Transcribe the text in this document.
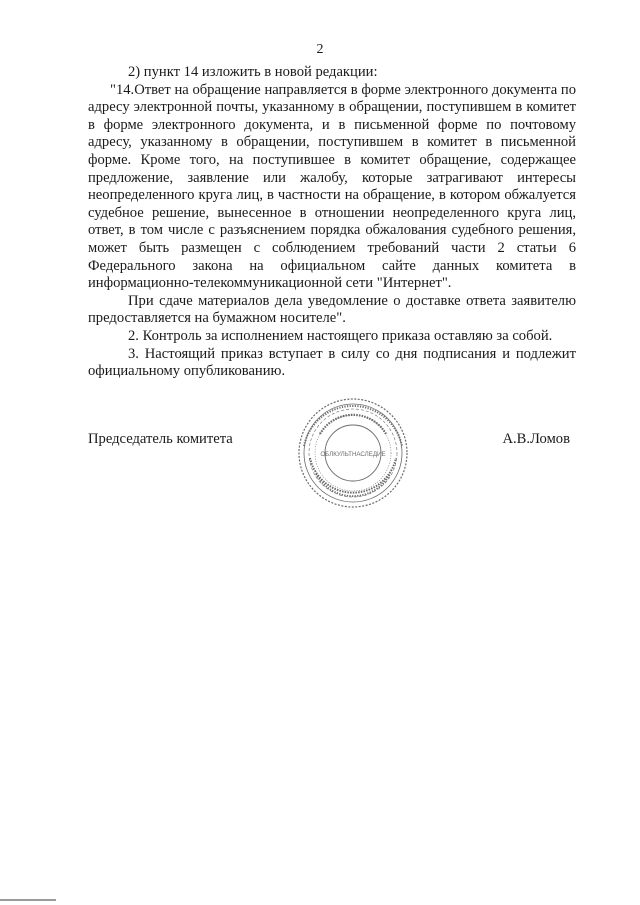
2

2) пункт 14 изложить в новой редакции:

"14.Ответ на обращение направляется в форме электронного документа по адресу электронной почты, указанному в обращении, поступившем в комитет в форме электронного документа, и в письменной форме по почтовому адресу, указанному в обращении, поступившем в комитет в письменной форме. Кроме того, на поступившее в комитет обращение, содержащее предложение, заявление или жалобу, которые затрагивают интересы неопределенного круга лиц, в частности на обращение, в котором обжалуется судебное решение, вынесенное в отношении неопределенного круга лиц, ответ, в том числе с разъяснением порядка обжалования судебного решения, может быть размещен с соблюдением требований части 2 статьи 6 Федерального закона на официальном сайте данных комитета в информационно-телекоммуникационной сети "Интернет".

При сдаче материалов дела уведомление о доставке ответа заявителю предоставляется на бумажном носителе".

2. Контроль за исполнением настоящего приказа оставляю за собой.

3. Настоящий приказ вступает в силу со дня подписания и подлежит официальному опубликованию.

Председатель комитета	А.В.Ломов
ОБЛКУЛЬТНАСЛЕДИЕ
